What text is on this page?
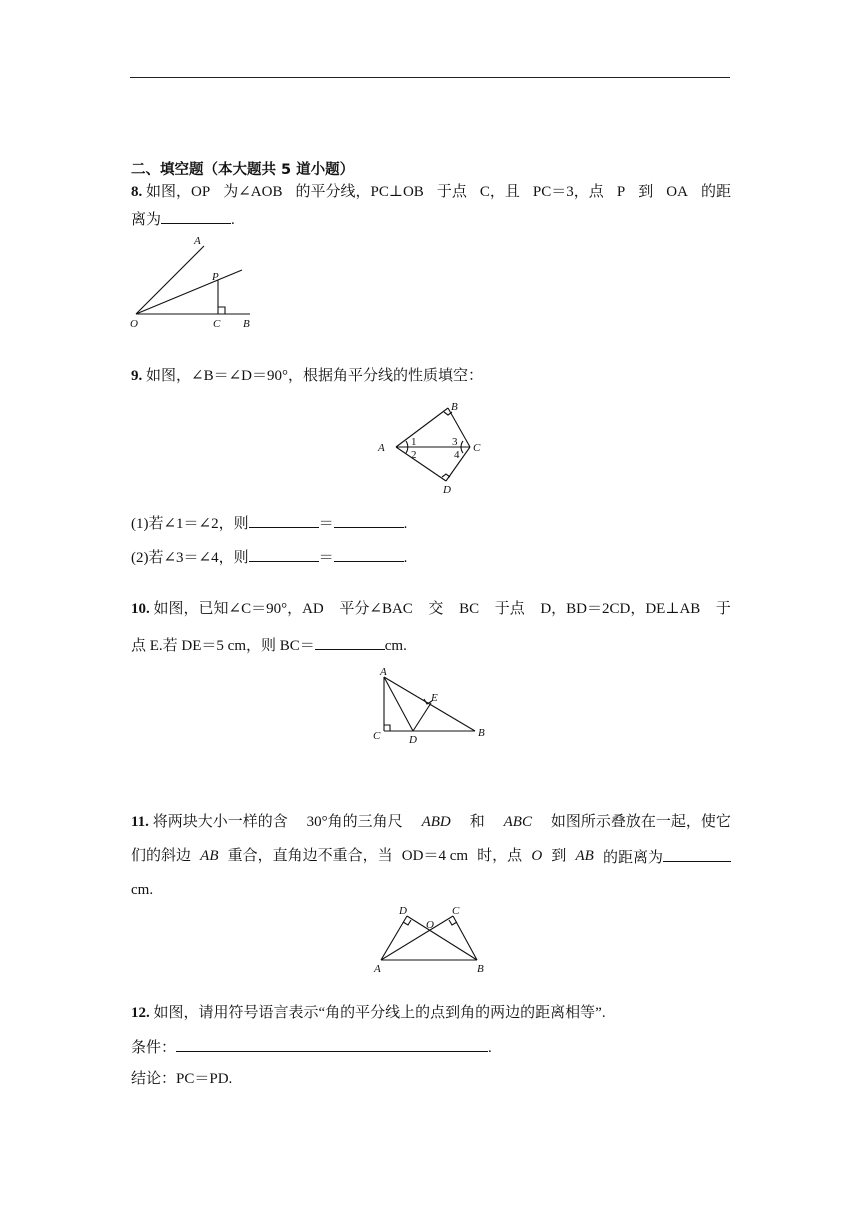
二、填空题（本大题共 5 道小题）
8. 如图，OP 为∠AOB 的平分线，PC⊥OB 于点 C，且 PC＝3，点 P 到 OA 的距
离为	.
A
P
O	C B
9. 如图，∠B＝∠D＝90°，根据角平分线的性质填空：
A
B
C
D
1
2
3
4
(1)若∠1＝∠2，则	＝	.
(2)若∠3＝∠4，则	＝	.
10. 如图，已知∠C＝90°，AD 平分∠BAC 交 BC 于点 D，BD＝2CD，DE⊥AB 于
点 E.若 DE＝5 cm，则 BC＝	cm.
A
E
C	D
B
11. 将两块大小一样的含 30°角的三角尺 ABD 和 ABC 如图所示叠放在一起，使它
们的斜边 AB 重合，直角边不重合，当 OD＝4 cm 时，点 O 到 AB 的距离为
cm.
D
O
C
A	B
12. 如图，请用符号语言表示“角的平分线上的点到角的两边的距离相等”.
条件：	.
结论：PC＝PD.
